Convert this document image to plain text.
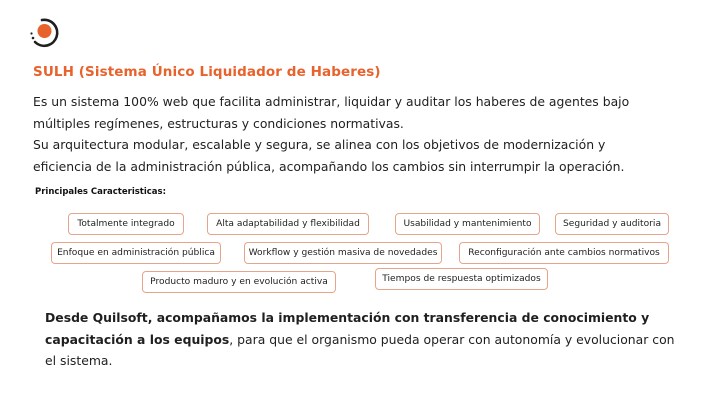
SULH (Sistema Único Liquidador de Haberes)
Es un sistema 100% web que facilita administrar, liquidar y auditar los haberes de agentes bajo
múltiples regímenes, estructuras y condiciones normativas.
Su arquitectura modular, escalable y segura, se alinea con los objetivos de modernización y
eficiencia de la administración pública, acompañando los cambios sin interrumpir la operación.
Principales Caracteristicas:
Totalmente integrado	Alta adaptabilidad y flexibilidad	Usabilidad y mantenimiento	Seguridad y auditoria
Enfoque en administración pública	Workflow y gestión masiva de novedades	Reconfiguración ante cambios normativos
Producto maduro y en evolución activa	Tiempos de respuesta optimizados
Desde Quilsoft, acompañamos la implementación con transferencia de conocimiento y
capacitación a los equipos, para que el organismo pueda operar con autonomía y evolucionar con
el sistema.
